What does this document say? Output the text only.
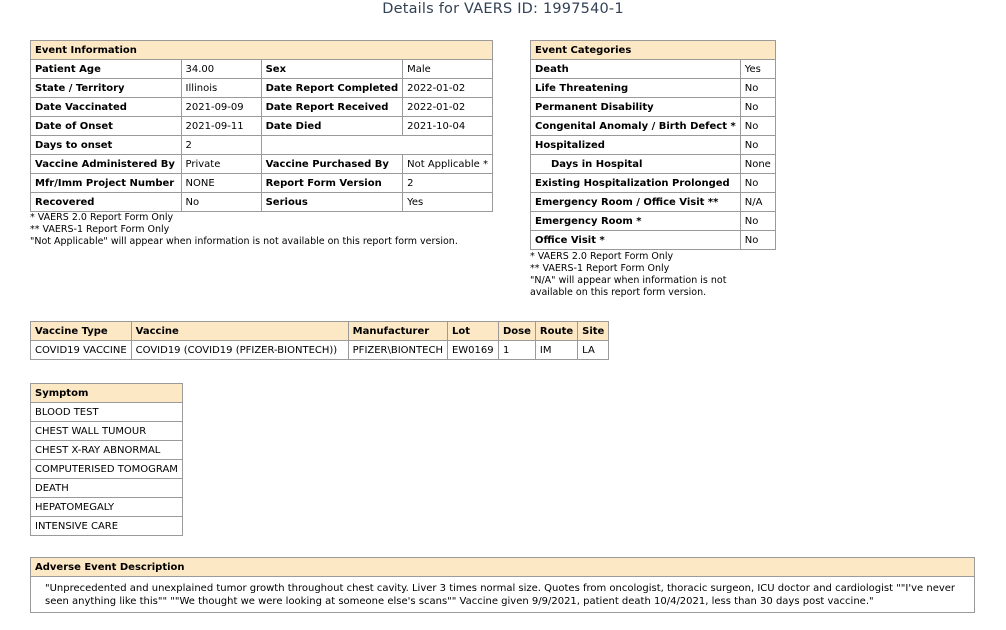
Details for VAERS ID: 1997540-1
Event Information			
Patient Age	34.00	Sex	Male
State / Territory	Illinois	Date Report Completed	2022-01-02
Date Vaccinated	2021-09-09	Date Report Received	2022-01-02
Date of Onset	2021-09-11	Date Died	2021-10-04
Days to onset	2		
Vaccine Administered By	Private	Vaccine Purchased By	Not Applicable *
Mfr/Imm Project Number	NONE	Report Form Version	2
Recovered	No	Serious	Yes
* VAERS 2.0 Report Form Only
** VAERS-1 Report Form Only
"Not Applicable" will appear when information is not available on this report form version.
Event Categories	
Death	Yes
Life Threatening	No
Permanent Disability	No
Congenital Anomaly / Birth Defect *	No
Hospitalized	No
Days in Hospital	None
Existing Hospitalization Prolonged	No
Emergency Room / Office Visit **	N/A
Emergency Room *	No
Office Visit *	No
* VAERS 2.0 Report Form Only
** VAERS-1 Report Form Only
"N/A" will appear when information is not
available on this report form version.
Vaccine Type	Vaccine	Manufacturer	Lot	Dose	Route	Site
COVID19 VACCINE	COVID19 (COVID19 (PFIZER-BIONTECH))	PFIZER\BIONTECH	EW0169	1	IM	LA
Symptom
BLOOD TEST
CHEST WALL TUMOUR
CHEST X-RAY ABNORMAL
COMPUTERISED TOMOGRAM
DEATH
HEPATOMEGALY
INTENSIVE CARE
Adverse Event Description
"Unprecedented and unexplained tumor growth throughout chest cavity. Liver 3 times normal size. Quotes from oncologist, thoracic surgeon, ICU doctor and cardiologist ""I've never seen anything like this"" ""We thought we were looking at someone else's scans"" Vaccine given 9/9/2021, patient death 10/4/2021, less than 30 days post vaccine."
